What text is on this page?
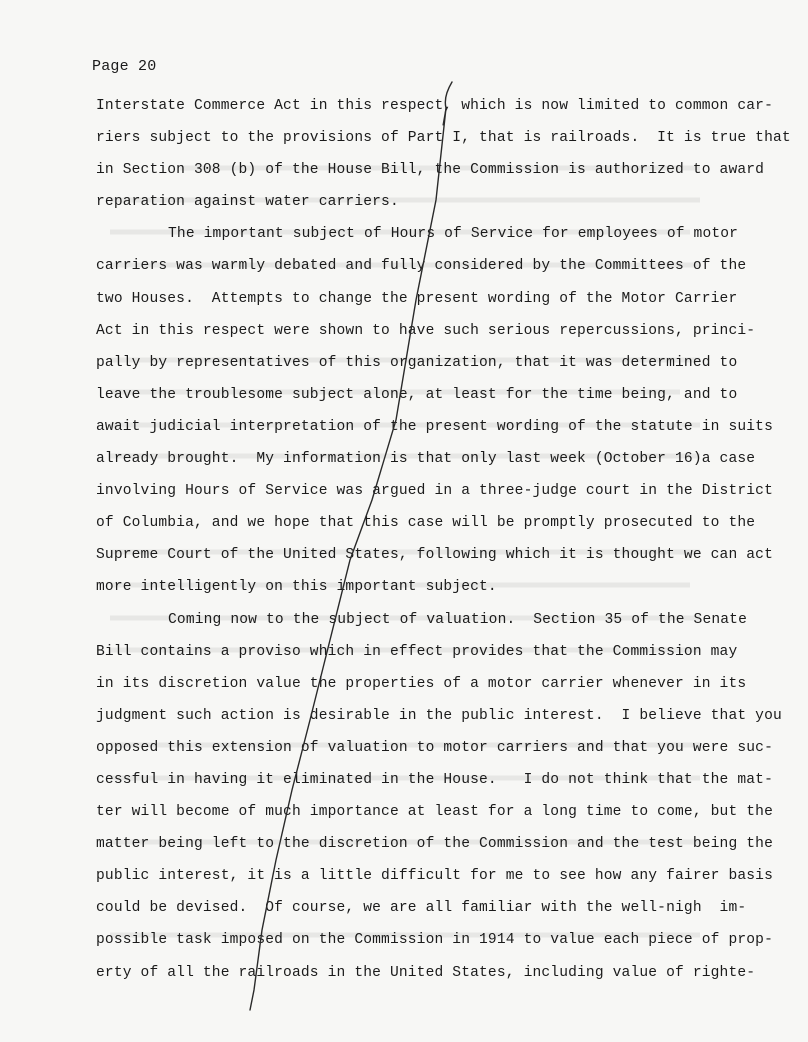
Page 20
Interstate Commerce Act in this respect, which is now limited to common car-
riers subject to the provisions of Part I, that is railroads.  It is true that
in Section 308 (b) of the House Bill, the Commission is authorized to award
reparation against water carriers.
The important subject of Hours of Service for employees of motor
carriers was warmly debated and fully considered by the Committees of the
two Houses.  Attempts to change the present wording of the Motor Carrier
Act in this respect were shown to have such serious repercussions, princi-
pally by representatives of this organization, that it was determined to
leave the troublesome subject alone, at least for the time being, and to
await judicial interpretation of the present wording of the statute in suits
already brought.  My information is that only last week (October 16)a case
involving Hours of Service was argued in a three-judge court in the District
of Columbia, and we hope that this case will be promptly prosecuted to the
Supreme Court of the United States, following which it is thought we can act
more intelligently on this important subject.
Coming now to the subject of valuation.  Section 35 of the Senate
Bill contains a proviso which in effect provides that the Commission may
in its discretion value the properties of a motor carrier whenever in its
judgment such action is desirable in the public interest.  I believe that you
opposed this extension of valuation to motor carriers and that you were suc-
cessful in having it eliminated in the House.   I do not think that the mat-
ter will become of much importance at least for a long time to come, but the
matter being left to the discretion of the Commission and the test being the
public interest, it is a little difficult for me to see how any fairer basis
could be devised.  Of course, we are all familiar with the well-nigh  im-
possible task imposed on the Commission in 1914 to value each piece of prop-
erty of all the railroads in the United States, including value of righte-
